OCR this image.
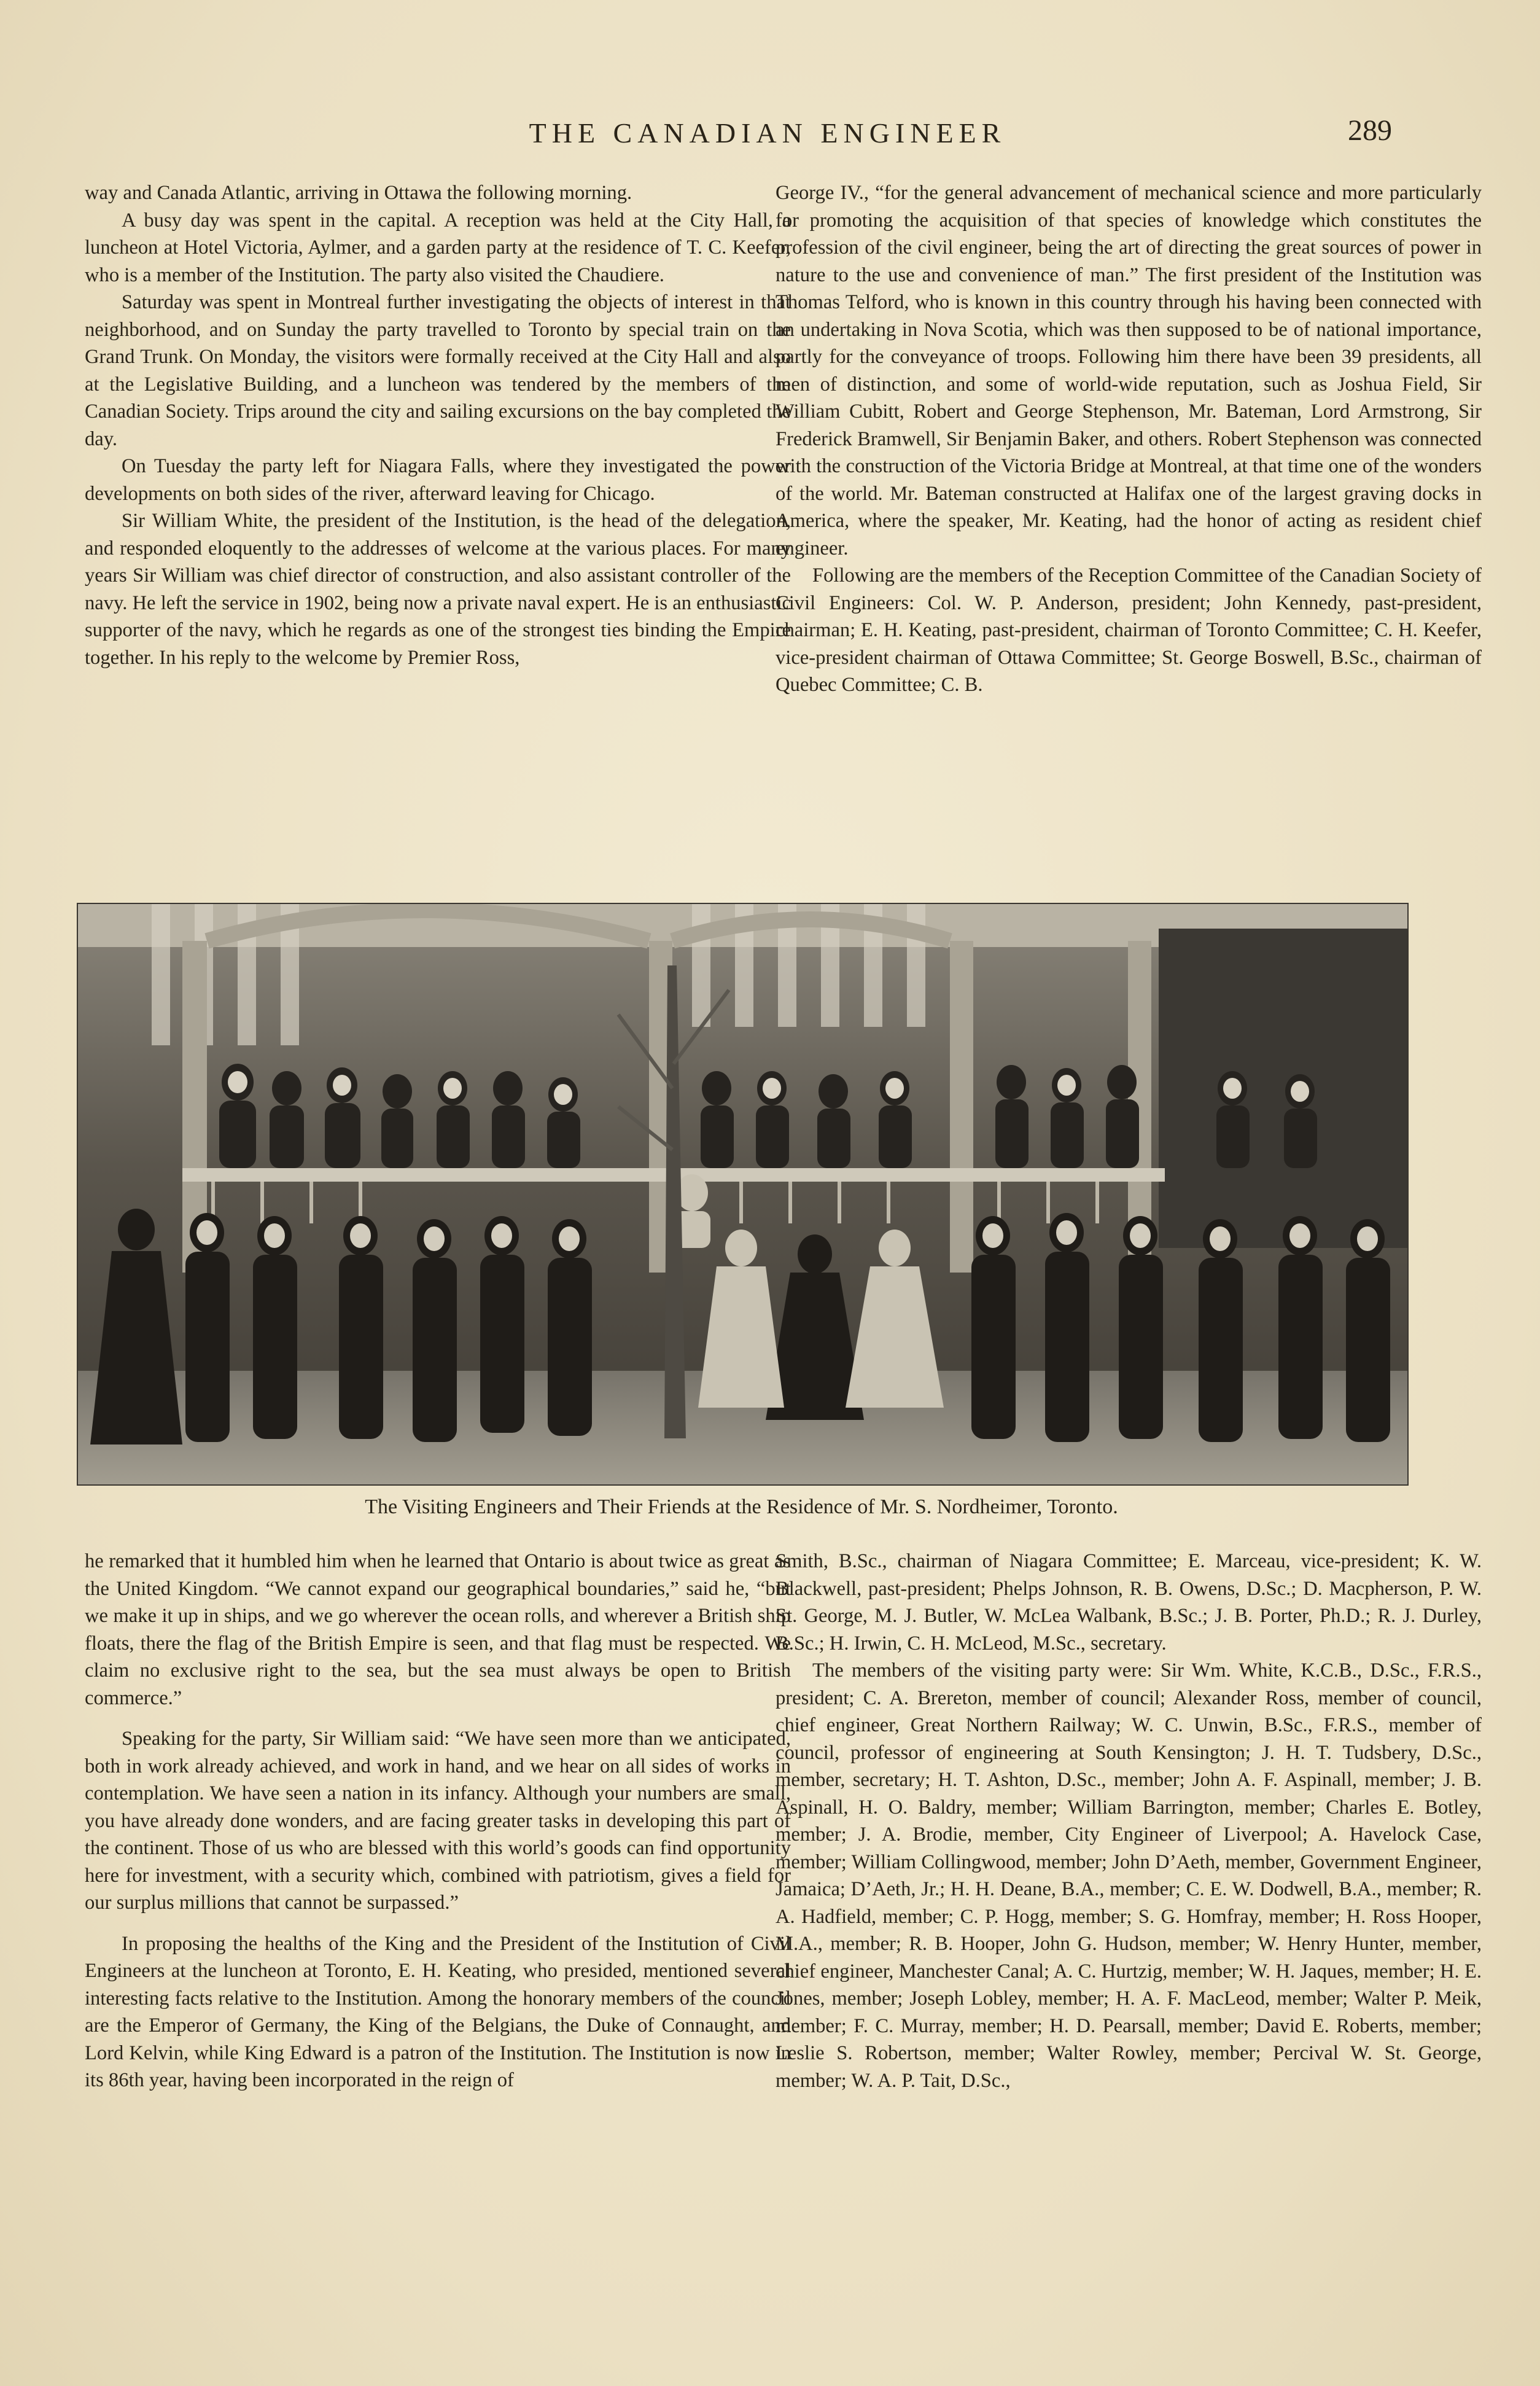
THE CANADIAN ENGINEER	289

way and Canada Atlantic, arriving in Ottawa the following morning.

A busy day was spent in the capital. A reception was held at the City Hall, a luncheon at Hotel Victoria, Aylmer, and a garden party at the residence of T. C. Keefer, who is a member of the Institution. The party also visited the Chaudiere.

Saturday was spent in Montreal further investigating the objects of interest in that neighborhood, and on Sunday the party travelled to Toronto by special train on the Grand Trunk. On Monday, the visitors were formally received at the City Hall and also at the Legislative Building, and a luncheon was tendered by the members of the Canadian Society. Trips around the city and sailing excursions on the bay completed the day.

On Tuesday the party left for Niagara Falls, where they investigated the power developments on both sides of the river, afterward leaving for Chicago.

Sir William White, the president of the Institution, is the head of the delegation, and responded eloquently to the addresses of welcome at the various places. For many years Sir William was chief director of construction, and also assistant controller of the navy. He left the service in 1902, being now a private naval expert. He is an enthusiastic supporter of the navy, which he regards as one of the strongest ties binding the Empire together. In his reply to the welcome by Premier Ross,

George IV., “for the general advancement of mechanical science and more particularly for promoting the acquisition of that species of knowledge which constitutes the profession of the civil engineer, being the art of directing the great sources of power in nature to the use and convenience of man.” The first president of the Institution was Thomas Telford, who is known in this country through his having been connected with an undertaking in Nova Scotia, which was then supposed to be of national importance, partly for the conveyance of troops. Following him there have been 39 presidents, all men of distinction, and some of world-wide reputation, such as Joshua Field, Sir William Cubitt, Robert and George Stephenson, Mr. Bateman, Lord Armstrong, Sir Frederick Bramwell, Sir Benjamin Baker, and others. Robert Stephenson was connected with the construction of the Victoria Bridge at Montreal, at that time one of the wonders of the world. Mr. Bateman constructed at Halifax one of the largest graving docks in America, where the speaker, Mr. Keating, had the honor of acting as resident chief engineer.

Following are the members of the Reception Committee of the Canadian Society of Civil Engineers: Col. W. P. Anderson, president; John Kennedy, past-president, chairman; E. H. Keating, past-president, chairman of Toronto Committee; C. H. Keefer, vice-president chairman of Ottawa Committee; St. George Boswell, B.Sc., chairman of Quebec Committee; C. B.

The Visiting Engineers and Their Friends at the Residence of Mr. S. Nordheimer, Toronto.

he remarked that it humbled him when he learned that Ontario is about twice as great as the United Kingdom. “We cannot expand our geographical boundaries,” said he, “but we make it up in ships, and we go wherever the ocean rolls, and wherever a British ship floats, there the flag of the British Empire is seen, and that flag must be respected. We claim no exclusive right to the sea, but the sea must always be open to British commerce.”

Speaking for the party, Sir William said: “We have seen more than we anticipated, both in work already achieved, and work in hand, and we hear on all sides of works in contemplation. We have seen a nation in its infancy. Although your numbers are small, you have already done wonders, and are facing greater tasks in developing this part of the continent. Those of us who are blessed with this world’s goods can find opportunity here for investment, with a security which, combined with patriotism, gives a field for our surplus millions that cannot be surpassed.”

In proposing the healths of the King and the President of the Institution of Civil Engineers at the luncheon at Toronto, E. H. Keating, who presided, mentioned several interesting facts relative to the Institution. Among the honorary members of the council are the Emperor of Germany, the King of the Belgians, the Duke of Connaught, and Lord Kelvin, while King Edward is a patron of the Institution. The Institution is now in its 86th year, having been incorporated in the reign of

Smith, B.Sc., chairman of Niagara Committee; E. Marceau, vice-president; K. W. Blackwell, past-president; Phelps Johnson, R. B. Owens, D.Sc.; D. Macpherson, P. W. St. George, M. J. Butler, W. McLea Walbank, B.Sc.; J. B. Porter, Ph.D.; R. J. Durley, B.Sc.; H. Irwin, C. H. McLeod, M.Sc., secretary.

The members of the visiting party were: Sir Wm. White, K.C.B., D.Sc., F.R.S., president; C. A. Brereton, member of council; Alexander Ross, member of council, chief engineer, Great Northern Railway; W. C. Unwin, B.Sc., F.R.S., member of council, professor of engineering at South Kensington; J. H. T. Tudsbery, D.Sc., member, secretary; H. T. Ashton, D.Sc., member; John A. F. Aspinall, member; J. B. Aspinall, H. O. Baldry, member; William Barrington, member; Charles E. Botley, member; J. A. Brodie, member, City Engineer of Liverpool; A. Havelock Case, member; William Collingwood, member; John D’Aeth, member, Government Engineer, Jamaica; D’Aeth, Jr.; H. H. Deane, B.A., member; C. E. W. Dodwell, B.A., member; R. A. Hadfield, member; C. P. Hogg, member; S. G. Homfray, member; H. Ross Hooper, M.A., member; R. B. Hooper, John G. Hudson, member; W. Henry Hunter, member, chief engineer, Manchester Canal; A. C. Hurtzig, member; W. H. Jaques, member; H. E. Jones, member; Joseph Lobley, member; H. A. F. MacLeod, member; Walter P. Meik, member; F. C. Murray, member; H. D. Pearsall, member; David E. Roberts, member; Leslie S. Robertson, member; Walter Rowley, member; Percival W. St. George, member; W. A. P. Tait, D.Sc.,
